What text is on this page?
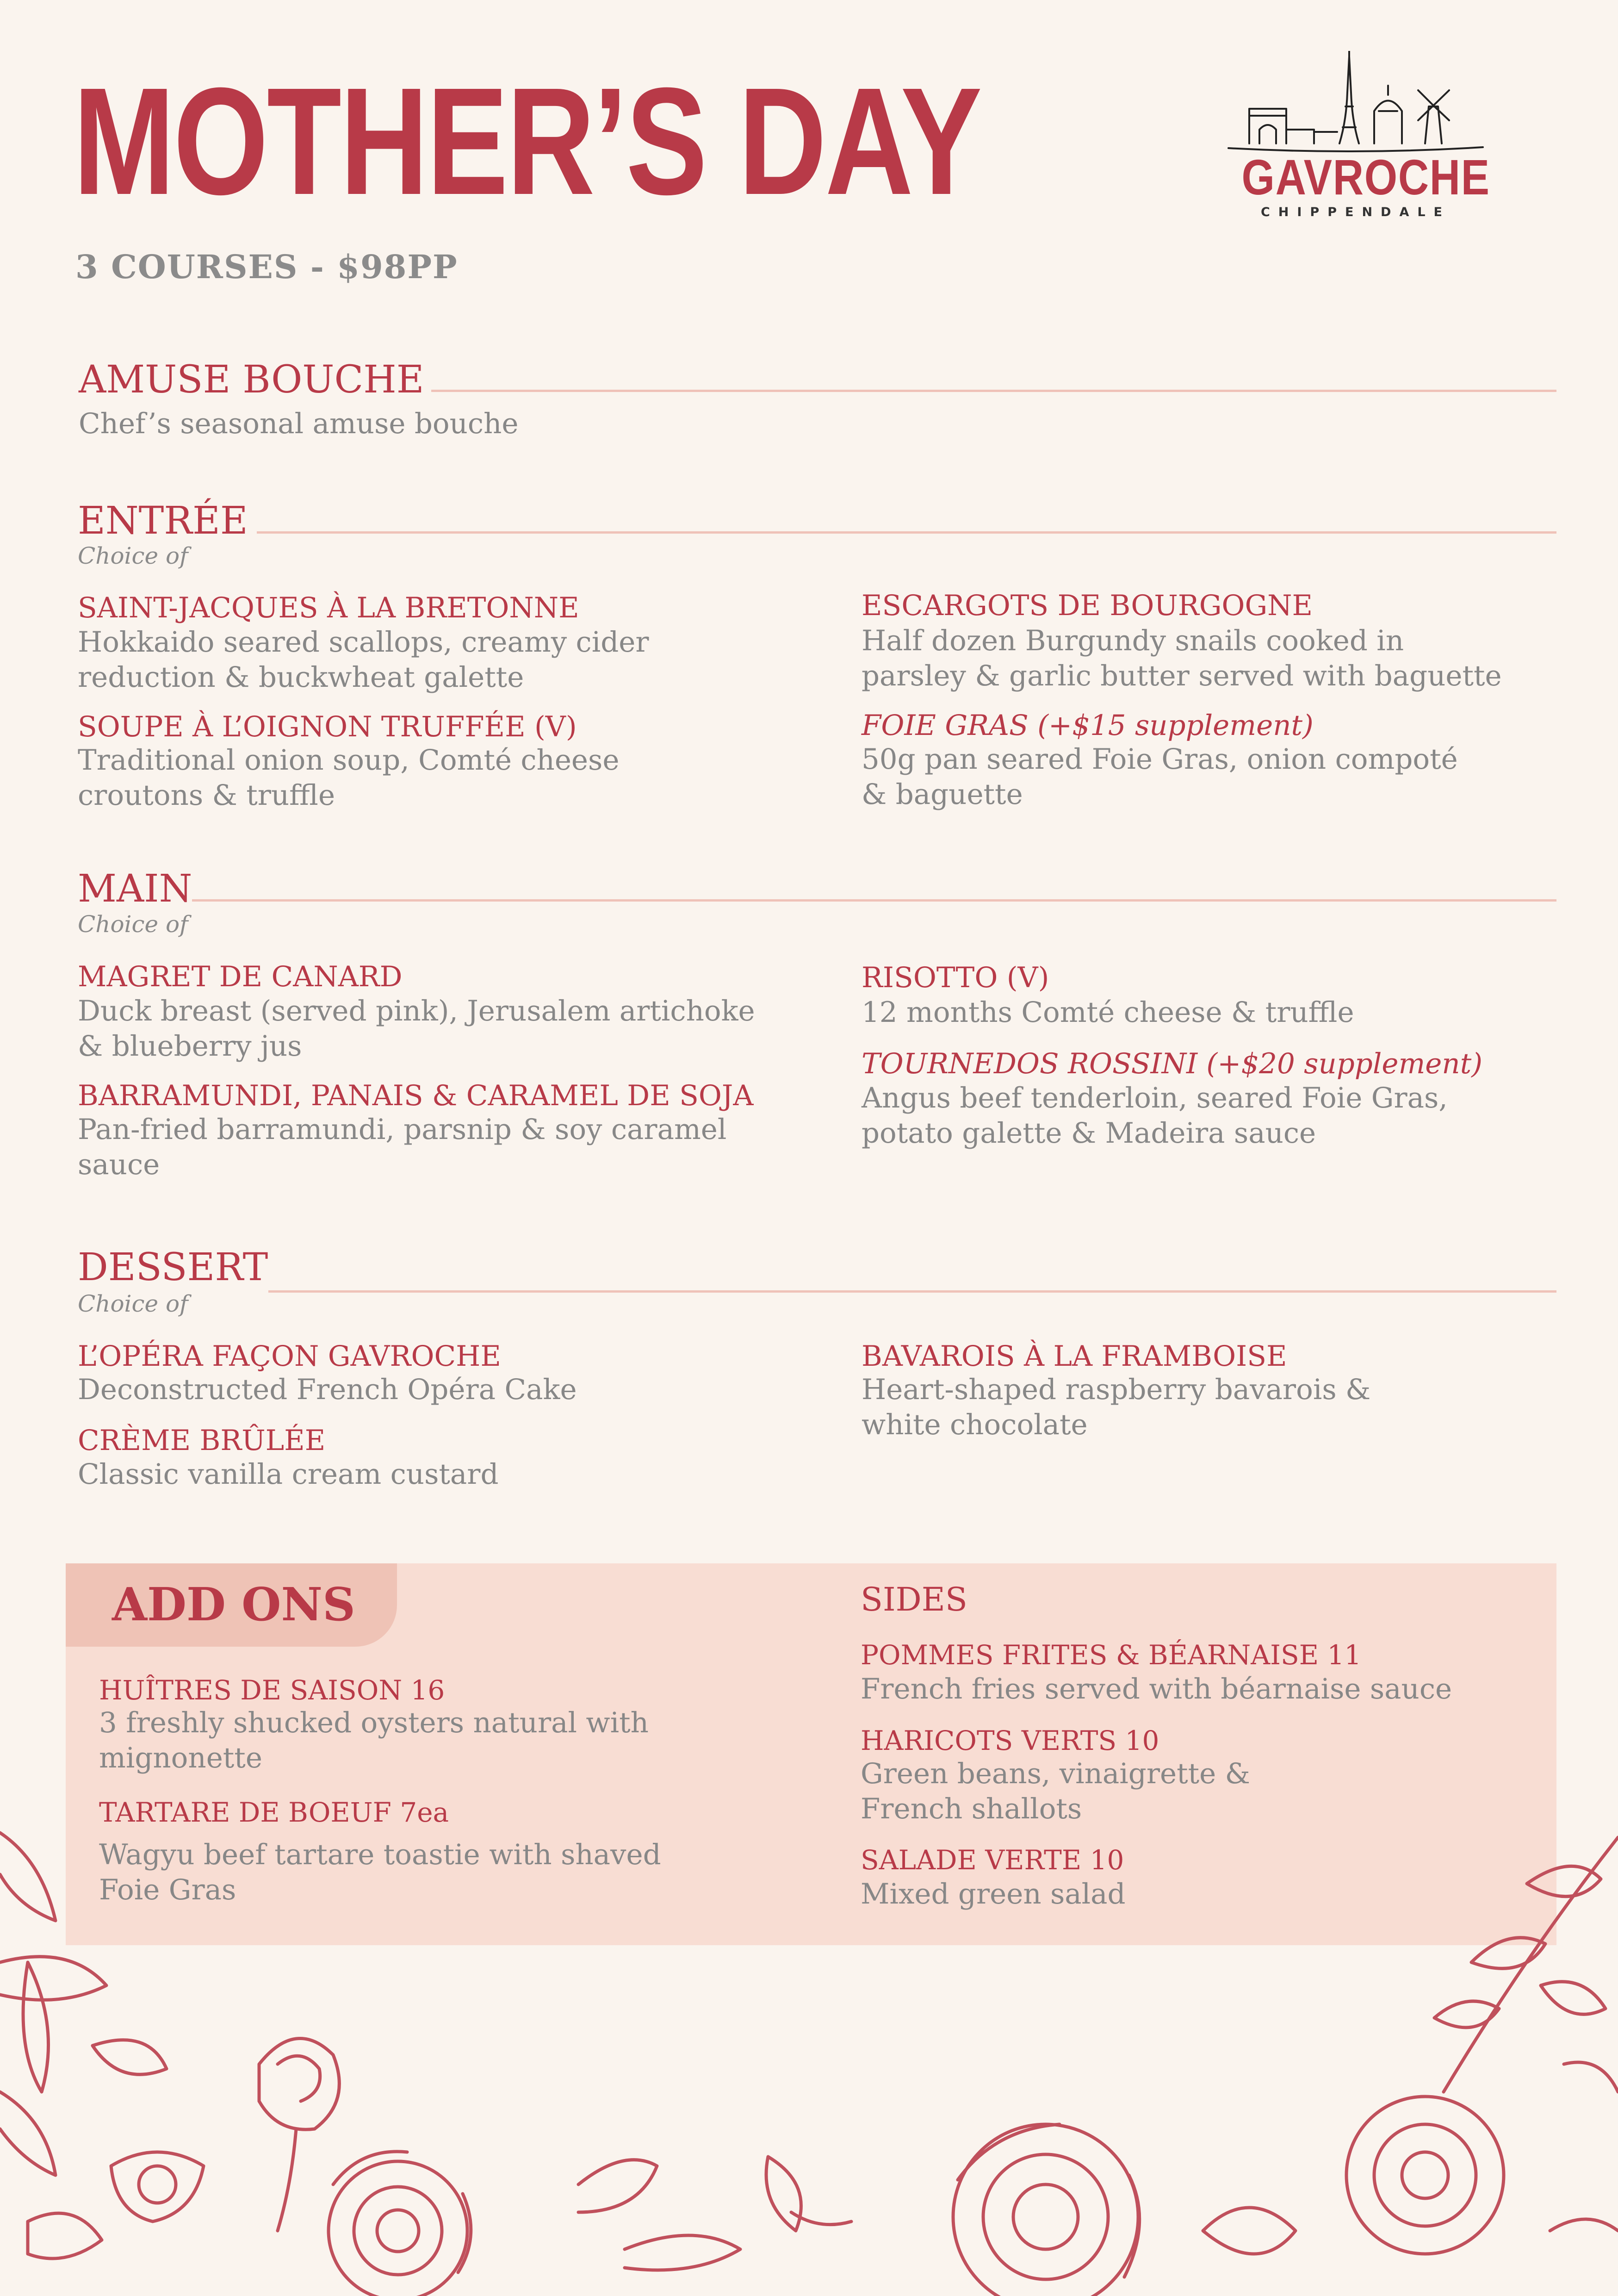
MOTHER’S DAY
3 COURSES - $98PP
GAVROCHE
CHIPPENDALE
AMUSE BOUCHE
Chef’s seasonal amuse bouche
ENTRÉE
Choice of
SAINT-JACQUES À LA BRETONNE
Hokkaido seared scallops, creamy cider
reduction & buckwheat galette
SOUPE À L’OIGNON TRUFFÉE (V)
Traditional onion soup, Comté cheese
croutons & truffle
ESCARGOTS DE BOURGOGNE
Half dozen Burgundy snails cooked in
parsley & garlic butter served with baguette
FOIE GRAS (+$15 supplement)
50g pan seared Foie Gras, onion compoté
& baguette
MAIN
Choice of
MAGRET DE CANARD
Duck breast (served pink), Jerusalem artichoke
& blueberry jus
BARRAMUNDI, PANAIS & CARAMEL DE SOJA
Pan-fried barramundi, parsnip & soy caramel
sauce
RISOTTO (V)
12 months Comté cheese & truffle
TOURNEDOS ROSSINI (+$20 supplement)
Angus beef tenderloin, seared Foie Gras,
potato galette & Madeira sauce
DESSERT
Choice of
L’OPÉRA FAÇON GAVROCHE
Deconstructed French Opéra Cake
CRÈME BRÛLÉE
Classic vanilla cream custard
BAVAROIS À LA FRAMBOISE
Heart-shaped raspberry bavarois &
white chocolate
ADD ONS
HUÎTRES DE SAISON 16
3 freshly shucked oysters natural with
mignonette
TARTARE DE BOEUF 7ea
Wagyu beef tartare toastie with shaved
Foie Gras
SIDES
POMMES FRITES & BÉARNAISE 11
French fries served with béarnaise sauce
HARICOTS VERTS 10
Green beans, vinaigrette &
French shallots
SALADE VERTE 10
Mixed green salad
